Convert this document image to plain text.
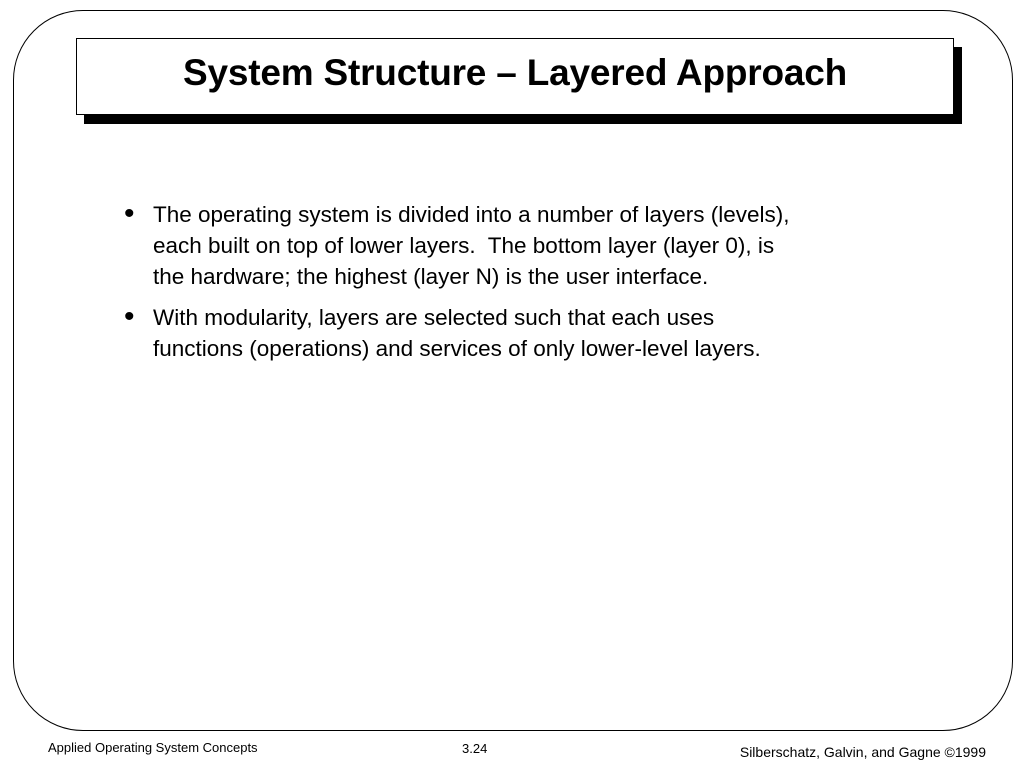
System Structure – Layered Approach
• The operating system is divided into a number of layers (levels),
each built on top of lower layers.  The bottom layer (layer 0), is
the hardware; the highest (layer N) is the user interface.
• With modularity, layers are selected such that each uses
functions (operations) and services of only lower-level layers.
Applied Operating System Concepts	3.24	Silberschatz, Galvin, and Gagne ©1999
